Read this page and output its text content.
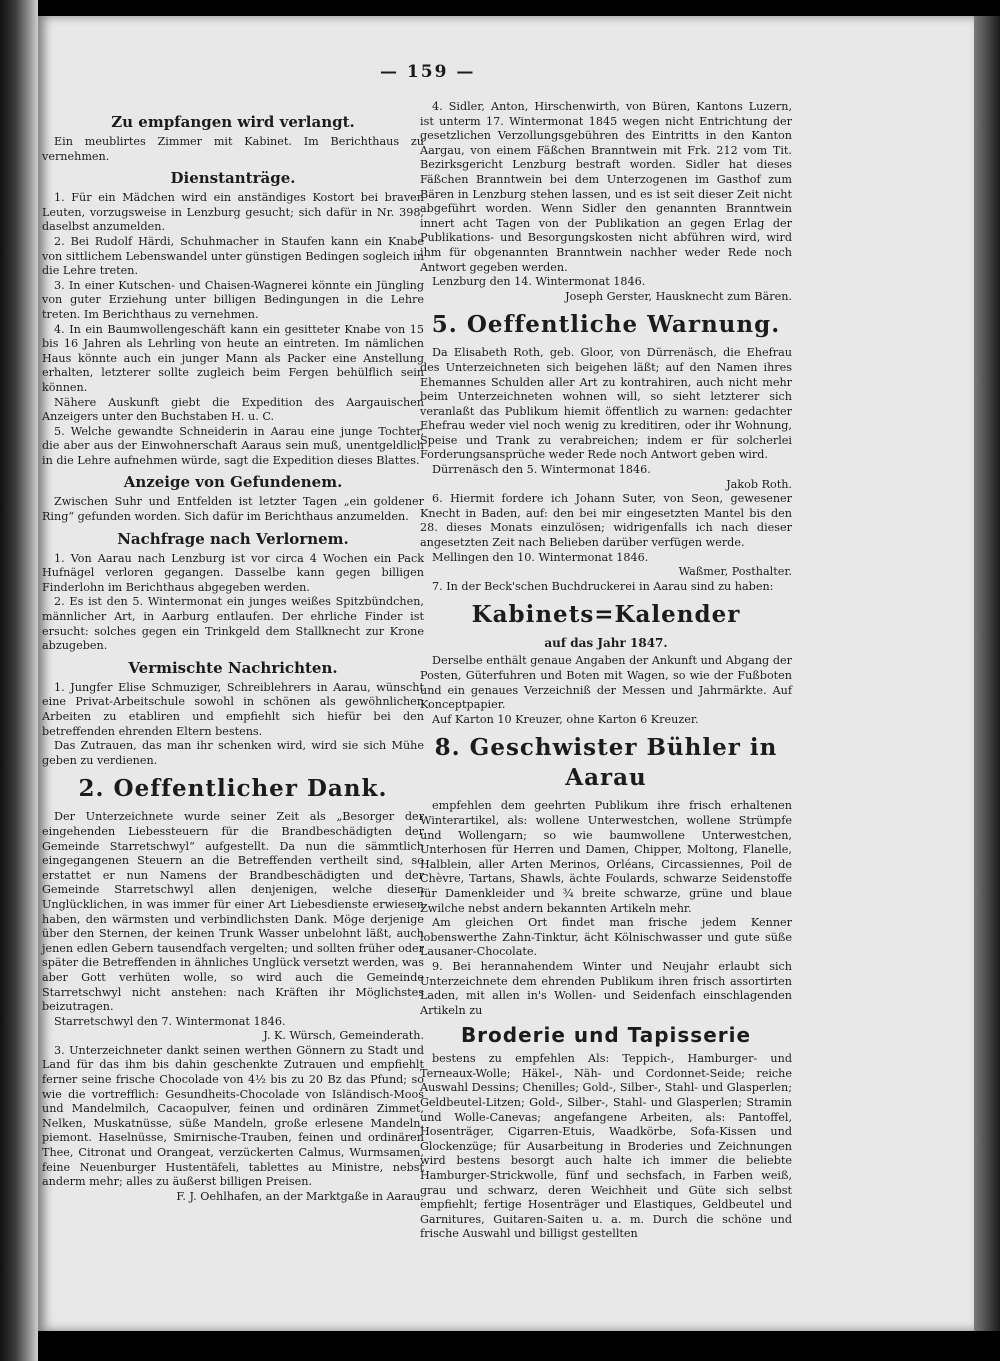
— 159 —
Zu empfangen wird verlangt.

Ein meublirtes Zimmer mit Kabinet. Im Berichthaus zu vernehmen.

Dienstanträge.

1. Für ein Mädchen wird ein anständiges Kostort bei braven Leuten, vorzugsweise in Lenzburg gesucht; sich dafür in Nr. 398, daselbst anzumelden.

2. Bei Rudolf Härdi, Schuhmacher in Staufen kann ein Knabe von sittlichem Lebenswandel unter günstigen Bedingen sogleich in die Lehre treten.

3. In einer Kutschen- und Chaisen-Wagnerei könnte ein Jüngling von guter Erziehung unter billigen Bedingungen in die Lehre treten. Im Berichthaus zu vernehmen.

4. In ein Baumwollengeschäft kann ein gesitteter Knabe von 15 bis 16 Jahren als Lehrling von heute an eintreten. Im nämlichen Haus könnte auch ein junger Mann als Packer eine Anstellung erhalten, letzterer sollte zugleich beim Fergen behülflich sein können.

Nähere Auskunft giebt die Expedition des Aargauischen Anzeigers unter den Buchstaben H. u. C.

5. Welche gewandte Schneiderin in Aarau eine junge Tochter, die aber aus der Einwohnerschaft Aaraus sein muß, unentgeldlich in die Lehre aufnehmen würde, sagt die Expedition dieses Blattes.

Anzeige von Gefundenem.

Zwischen Suhr und Entfelden ist letzter Tagen „ein goldener Ring“ gefunden worden. Sich dafür im Berichthaus anzumelden.

Nachfrage nach Verlornem.

1. Von Aarau nach Lenzburg ist vor circa 4 Wochen ein Pack Hufnägel verloren gegangen. Dasselbe kann gegen billigen Finderlohn im Berichthaus abgegeben werden.

2. Es ist den 5. Wintermonat ein junges weißes Spitzbündchen, männlicher Art, in Aarburg entlaufen. Der ehrliche Finder ist ersucht: solches gegen ein Trinkgeld dem Stallknecht zur Krone abzugeben.

Vermischte Nachrichten.

1. Jungfer Elise Schmuziger, Schreiblehrers in Aarau, wünscht eine Privat-Arbeitschule sowohl in schönen als gewöhnlichen Arbeiten zu etabliren und empfiehlt sich hiefür bei den betreffenden ehrenden Eltern bestens.

Das Zutrauen, das man ihr schenken wird, wird sie sich Mühe geben zu verdienen.

2. Oeffentlicher Dank.

Der Unterzeichnete wurde seiner Zeit als „Besorger der eingehenden Liebessteuern für die Brandbeschädigten der Gemeinde Starretschwyl“ aufgestellt. Da nun die sämmtlich eingegangenen Steuern an die Betreffenden vertheilt sind, so erstattet er nun Namens der Brandbeschädigten und der Gemeinde Starretschwyl allen denjenigen, welche diesen Unglücklichen, in was immer für einer Art Liebesdienste erwiesen haben, den wärmsten und verbindlichsten Dank. Möge derjenige über den Sternen, der keinen Trunk Wasser unbelohnt läßt, auch jenen edlen Gebern tausendfach vergelten; und sollten früher oder später die Betreffenden in ähnliches Unglück versetzt werden, was aber Gott verhüten wolle, so wird auch die Gemeinde Starretschwyl nicht anstehen: nach Kräften ihr Möglichstes beizutragen.

Starretschwyl den 7. Wintermonat 1846.

J. K. Würsch, Gemeinderath.

3. Unterzeichneter dankt seinen werthen Gönnern zu Stadt und Land für das ihm bis dahin geschenkte Zutrauen und empfiehlt ferner seine frische Chocolade von 4½ bis zu 20 Bz das Pfund; so wie die vortrefflich: Gesundheits-Chocolade von Isländisch-Moos und Mandelmilch, Cacaopulver, feinen und ordinären Zimmet, Nelken, Muskatnüsse, süße Mandeln, große erlesene Mandeln, piemont. Haselnüsse, Smirnische-Trauben, feinen und ordinären Thee, Citronat und Orangeat, verzückerten Calmus, Wurmsamen, feine Neuenburger Hustentäfeli, tablettes au Ministre, nebst anderm mehr; alles zu äußerst billigen Preisen.

F. J. Oehlhafen, an der Marktgaße in Aarau.

4. Sidler, Anton, Hirschenwirth, von Büren, Kantons Luzern, ist unterm 17. Wintermonat 1845 wegen nicht Entrichtung der gesetzlichen Verzollungsgebühren des Eintritts in den Kanton Aargau, von einem Fäßchen Branntwein mit Frk. 212 vom Tit. Bezirksgericht Lenzburg bestraft worden. Sidler hat dieses Fäßchen Branntwein bei dem Unterzogenen im Gasthof zum Bären in Lenzburg stehen lassen, und es ist seit dieser Zeit nicht abgeführt worden. Wenn Sidler den genannten Branntwein innert acht Tagen von der Publikation an gegen Erlag der Publikations- und Besorgungskosten nicht abführen wird, wird ihm für obgenannten Branntwein nachher weder Rede noch Antwort gegeben werden.

Lenzburg den 14. Wintermonat 1846.

Joseph Gerster, Hausknecht zum Bären.

5. Oeffentliche Warnung.

Da Elisabeth Roth, geb. Gloor, von Dürrenäsch, die Ehefrau des Unterzeichneten sich beigehen läßt; auf den Namen ihres Ehemannes Schulden aller Art zu kontrahiren, auch nicht mehr beim Unterzeichneten wohnen will, so sieht letzterer sich veranlaßt das Publikum hiemit öffentlich zu warnen: gedachter Ehefrau weder viel noch wenig zu kreditiren, oder ihr Wohnung, Speise und Trank zu verabreichen; indem er für solcherlei Forderungsansprüche weder Rede noch Antwort geben wird.

Dürrenäsch den 5. Wintermonat 1846.

Jakob Roth.

6. Hiermit fordere ich Johann Suter, von Seon, gewesener Knecht in Baden, auf: den bei mir eingesetzten Mantel bis den 28. dieses Monats einzulösen; widrigenfalls ich nach dieser angesetzten Zeit nach Belieben darüber verfügen werde.

Mellingen den 10. Wintermonat 1846.

Waßmer, Posthalter.

7. In der Beck'schen Buchdruckerei in Aarau sind zu haben:

Kabinets=Kalender

auf das Jahr 1847.

Derselbe enthält genaue Angaben der Ankunft und Abgang der Posten, Güterfuhren und Boten mit Wagen, so wie der Fußboten und ein genaues Verzeichniß der Messen und Jahrmärkte. Auf Konceptpapier.

Auf Karton 10 Kreuzer, ohne Karton 6 Kreuzer.

8. Geschwister Bühler in Aarau

empfehlen dem geehrten Publikum ihre frisch erhaltenen Winterartikel, als: wollene Unterwestchen, wollene Strümpfe und Wollengarn; so wie baumwollene Unterwestchen, Unterhosen für Herren und Damen, Chipper, Moltong, Flanelle, Halblein, aller Arten Merinos, Orléans, Circassiennes, Poil de Chèvre, Tartans, Shawls, ächte Foulards, schwarze Seidenstoffe für Damenkleider und ¾ breite schwarze, grüne und blaue Zwilche nebst andern bekannten Artikeln mehr.

Am gleichen Ort findet man frische jedem Kenner lobenswerthe Zahn-Tinktur, ächt Kölnischwasser und gute süße Lausaner-Chocolate.

9. Bei herannahendem Winter und Neujahr erlaubt sich Unterzeichnete dem ehrenden Publikum ihren frisch assortirten Laden, mit allen in's Wollen- und Seidenfach einschlagenden Artikeln zu

Broderie und Tapisserie

bestens zu empfehlen Als: Teppich-, Hamburger- und Terneaux-Wolle; Häkel-, Näh- und Cordonnet-Seide; reiche Auswahl Dessins; Chenilles; Gold-, Silber-, Stahl- und Glasperlen; Geldbeutel-Litzen; Gold-, Silber-, Stahl- und Glasperlen; Stramin und Wolle-Canevas; angefangene Arbeiten, als: Pantoffel, Hosenträger, Cigarren-Etuis, Waadkörbe, Sofa-Kissen und Glockenzüge; für Ausarbeitung in Broderies und Zeichnungen wird bestens besorgt auch halte ich immer die beliebte Hamburger-Strickwolle, fünf und sechsfach, in Farben weiß, grau und schwarz, deren Weichheit und Güte sich selbst empfiehlt; fertige Hosenträger und Elastiques, Geldbeutel und Garnitures, Guitaren-Saiten u. a. m. Durch die schöne und frische Auswahl und billigst gestellten
